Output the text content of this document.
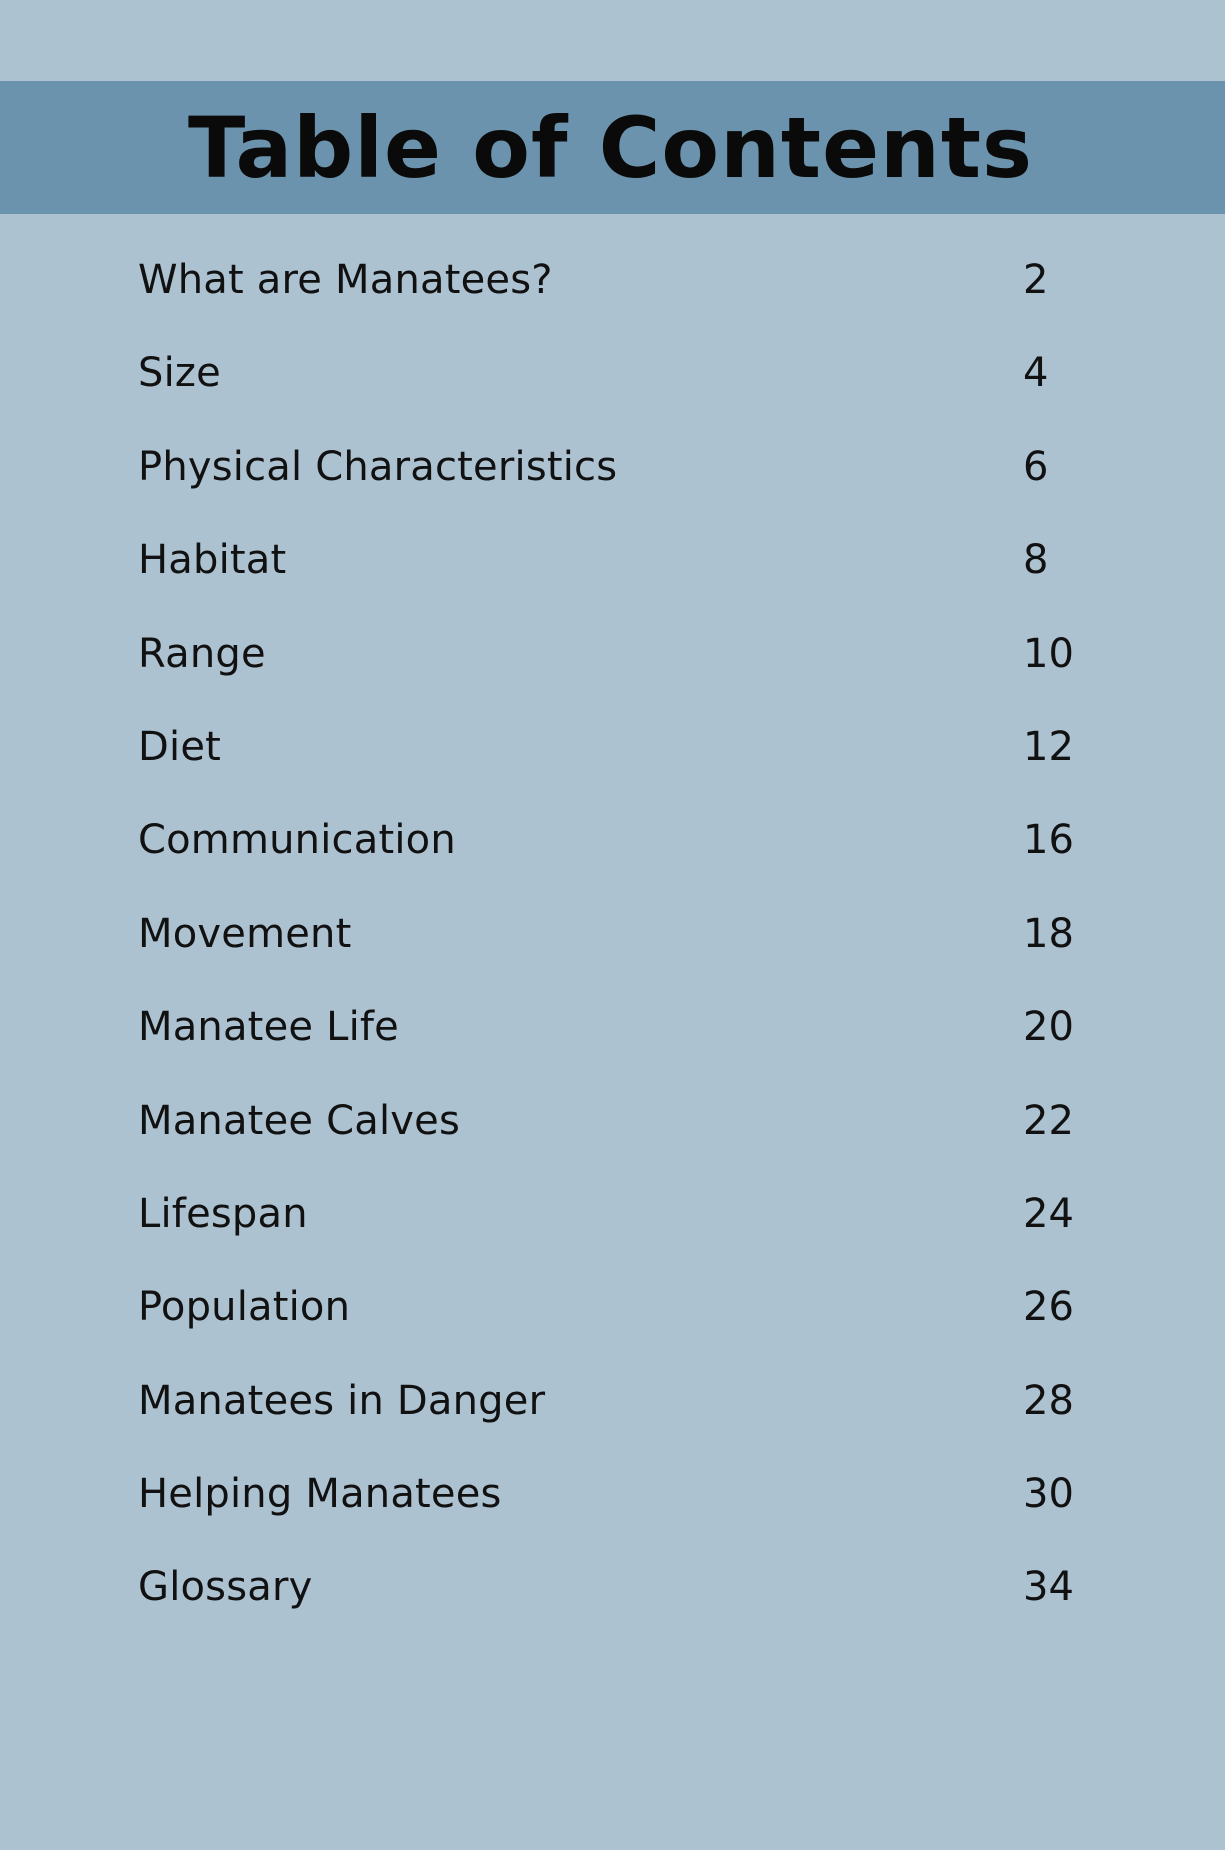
Table of Contents
What are Manatees?	2
Size	4
Physical Characteristics	6
Habitat	8
Range	10
Diet	12
Communication	16
Movement	18
Manatee Life	20
Manatee Calves	22
Lifespan	24
Population	26
Manatees in Danger	28
Helping Manatees	30
Glossary	34
